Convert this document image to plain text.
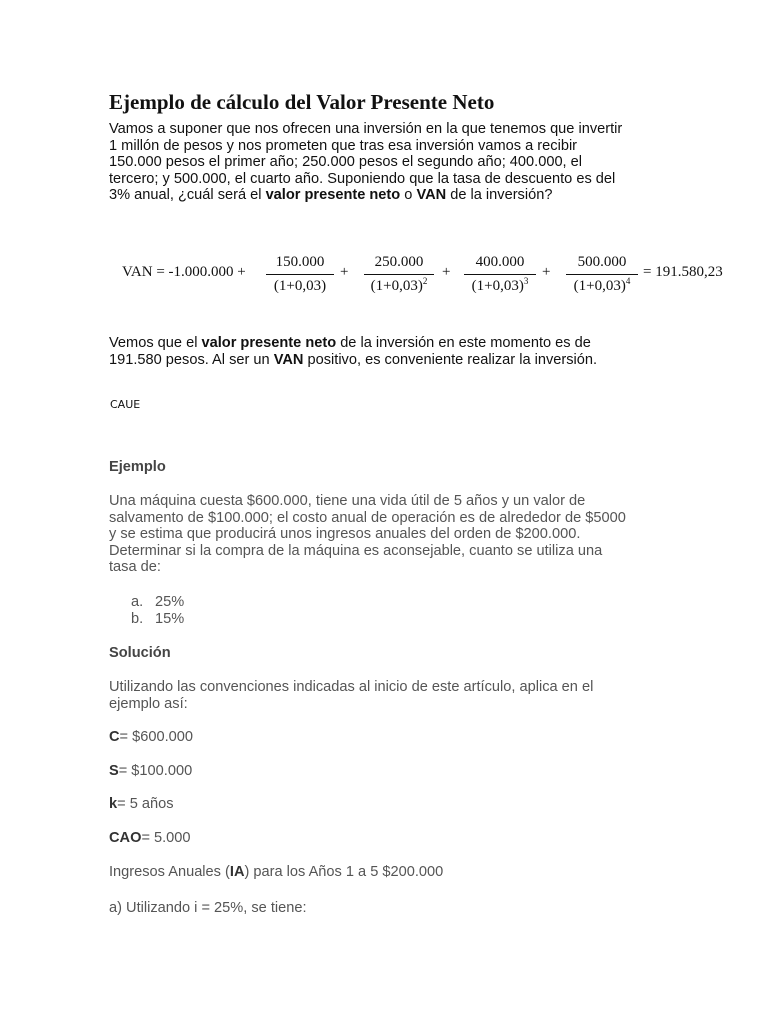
Ejemplo de cálculo del Valor Presente Neto
Vamos a suponer que nos ofrecen una inversión en la que tenemos que invertir
1 millón de pesos y nos prometen que tras esa inversión vamos a recibir
150.000 pesos el primer año; 250.000 pesos el segundo año; 400.000, el
tercero; y 500.000, el cuarto año. Suponiendo que la tasa de descuento es del
3% anual, ¿cuál será el valor presente neto o VAN de la inversión?
VAN = -1.000.000 +
150.000
(1+0,03)
+
250.000
$(1+0,03)^2$
+
400.000
$(1+0,03)^3$
+
500.000
$(1+0,03)^4$
= 191.580,23
Vemos que el valor presente neto de la inversión en este momento es de
191.580 pesos. Al ser un VAN positivo, es conveniente realizar la inversión.
CAUE
Ejemplo
Una máquina cuesta $600.000, tiene una vida útil de 5 años y un valor de
salvamento de $100.000; el costo anual de operación es de alrededor de $5000
y se estima que producirá unos ingresos anuales del orden de $200.000.
Determinar si la compra de la máquina es aconsejable, cuanto se utiliza una
tasa de:
a. 25%
b. 15%
Solución
Utilizando las convenciones indicadas al inicio de este artículo, aplica en el
ejemplo así:
C= $600.000
S= $100.000
k= 5 años
CAO= 5.000
Ingresos Anuales (IA) para los Años 1 a 5 $200.000
a) Utilizando i = 25%, se tiene:
